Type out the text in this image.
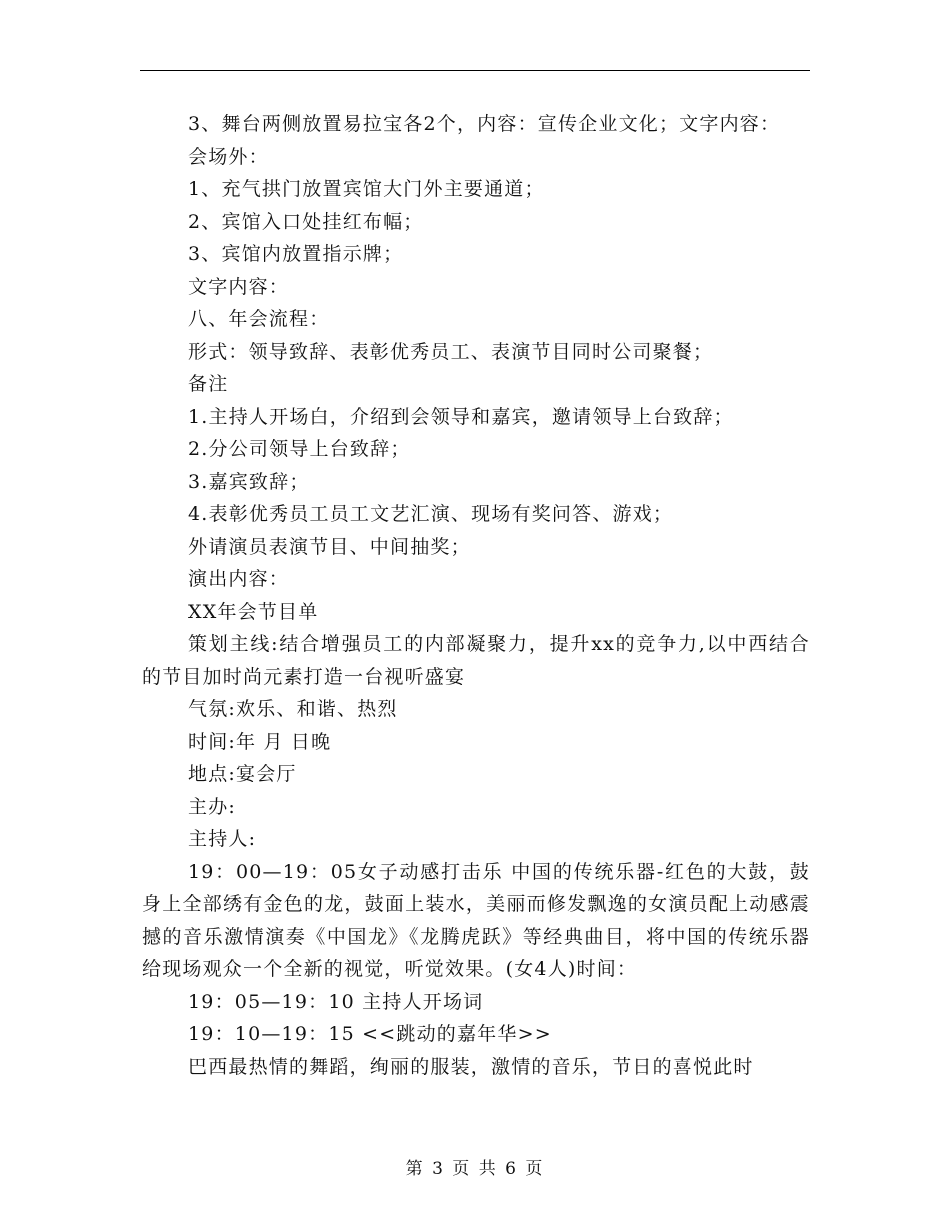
3、舞台两侧放置易拉宝各2个，内容：宣传企业文化；文字内容：
会场外：
1、充气拱门放置宾馆大门外主要通道；
2、宾馆入口处挂红布幅；
3、宾馆内放置指示牌；
文字内容：
八、年会流程：
形式：领导致辞、表彰优秀员工、表演节目同时公司聚餐；
备注
1.主持人开场白，介绍到会领导和嘉宾，邀请领导上台致辞；
2.分公司领导上台致辞；
3.嘉宾致辞；
4.表彰优秀员工员工文艺汇演、现场有奖问答、游戏；
外请演员表演节目、中间抽奖；
演出内容：
XX年会节目单
策划主线:结合增强员工的内部凝聚力，提升xx的竞争力,以中西结合的节目加时尚元素打造一台视听盛宴
气氛:欢乐、和谐、热烈
时间:年 月 日晚
地点:宴会厅
主办:
主持人:
19：00—19：05女子动感打击乐 中国的传统乐器-红色的大鼓，鼓身上全部绣有金色的龙，鼓面上装水，美丽而修发飘逸的女演员配上动感震撼的音乐激情演奏《中国龙》《龙腾虎跃》等经典曲目，将中国的传统乐器给现场观众一个全新的视觉，听觉效果。(女4人)时间：
19：05—19：10 主持人开场词
19：10—19：15 <<跳动的嘉年华>>
巴西最热情的舞蹈，绚丽的服装，激情的音乐，节日的喜悦此时
第 3 页 共 6 页
